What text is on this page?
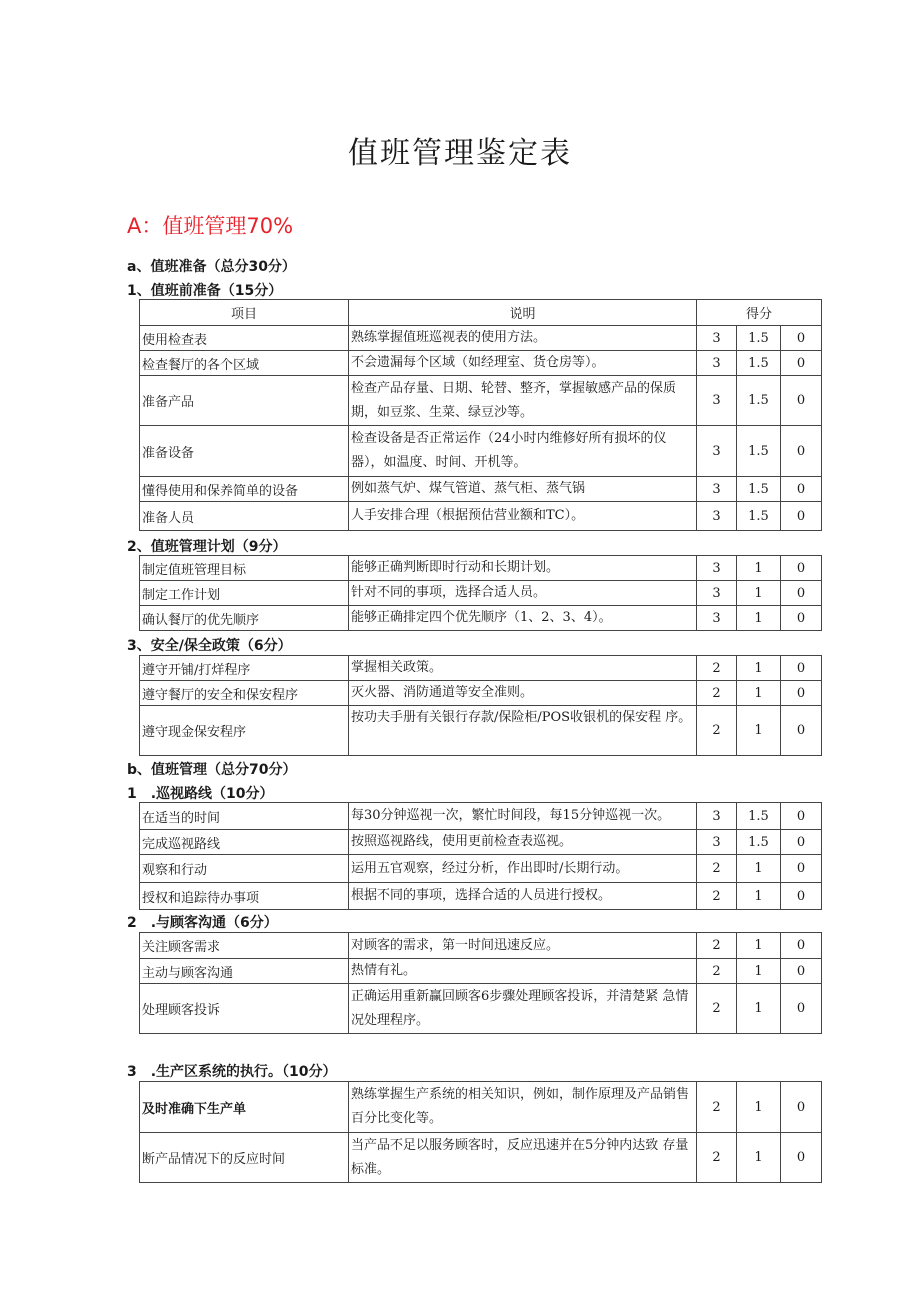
值班管理鉴定表
A：值班管理70%
a、值班准备（总分30分）
1、值班前准备（15分）
项目	说明	得分		
使用检查表	熟练掌握值班巡视表的使用方法。	3	1.5	0
检查餐厅的各个区域	不会遗漏每个区域（如经理室、货仓房等）。	3	1.5	0
准备产品	检查产品存量、日期、轮替、整齐，掌握敏感产品的保质期，如豆浆、生菜、绿豆沙等。	3	1.5	0
准备设备	检查设备是否正常运作（24小时内维修好所有损坏的仪器），如温度、时间、开机等。	3	1.5	0
懂得使用和保养简单的设备	例如蒸气炉、煤气管道、蒸气柜、蒸气锅	3	1.5	0
准备人员	人手安排合理（根据预估营业额和TC）。	3	1.5	0
2、值班管理计划（9分）
制定值班管理目标	能够正确判断即时行动和长期计划。	3	1	0
制定工作计划	针对不同的事项，选择合适人员。	3	1	0
确认餐厅的优先顺序	能够正确排定四个优先顺序（1、2、3、4）。	3	1	0
3、安全/保全政策（6分）
遵守开铺/打烊程序	掌握相关政策。	2	1	0
遵守餐厅的安全和保安程序	灭火器、消防通道等安全准则。	2	1	0
遵守现金保安程序	按功夫手册有关银行存款/保险柜/POS收银机的保安程 序。	2	1	0
b、值班管理（总分70分）
1　.巡视路线（10分）
在适当的时间	每30分钟巡视一次，繁忙时间段，每15分钟巡视一次。	3	1.5	0
完成巡视路线	按照巡视路线，使用更前检查表巡视。	3	1.5	0
观察和行动	运用五官观察，经过分析，作出即时/长期行动。	2	1	0
授权和追踪待办事项	根据不同的事项，选择合适的人员进行授权。	2	1	0
2　.与顾客沟通（6分）
关注顾客需求	对顾客的需求，第一时间迅速反应。	2	1	0
主动与顾客沟通	热情有礼。	2	1	0
处理顾客投诉	正确运用重新赢回顾客6步骤处理顾客投诉，并清楚紧 急情况处理程序。	2	1	0
3　.生产区系统的执行。（10分）
及时准确下生产单	熟练掌握生产系统的相关知识，例如，制作原理及产品销售百分比变化等。	2	1	0
断产品情况下的反应时间	当产品不足以服务顾客时，反应迅速并在5分钟内达致 存量标准。	2	1	0
